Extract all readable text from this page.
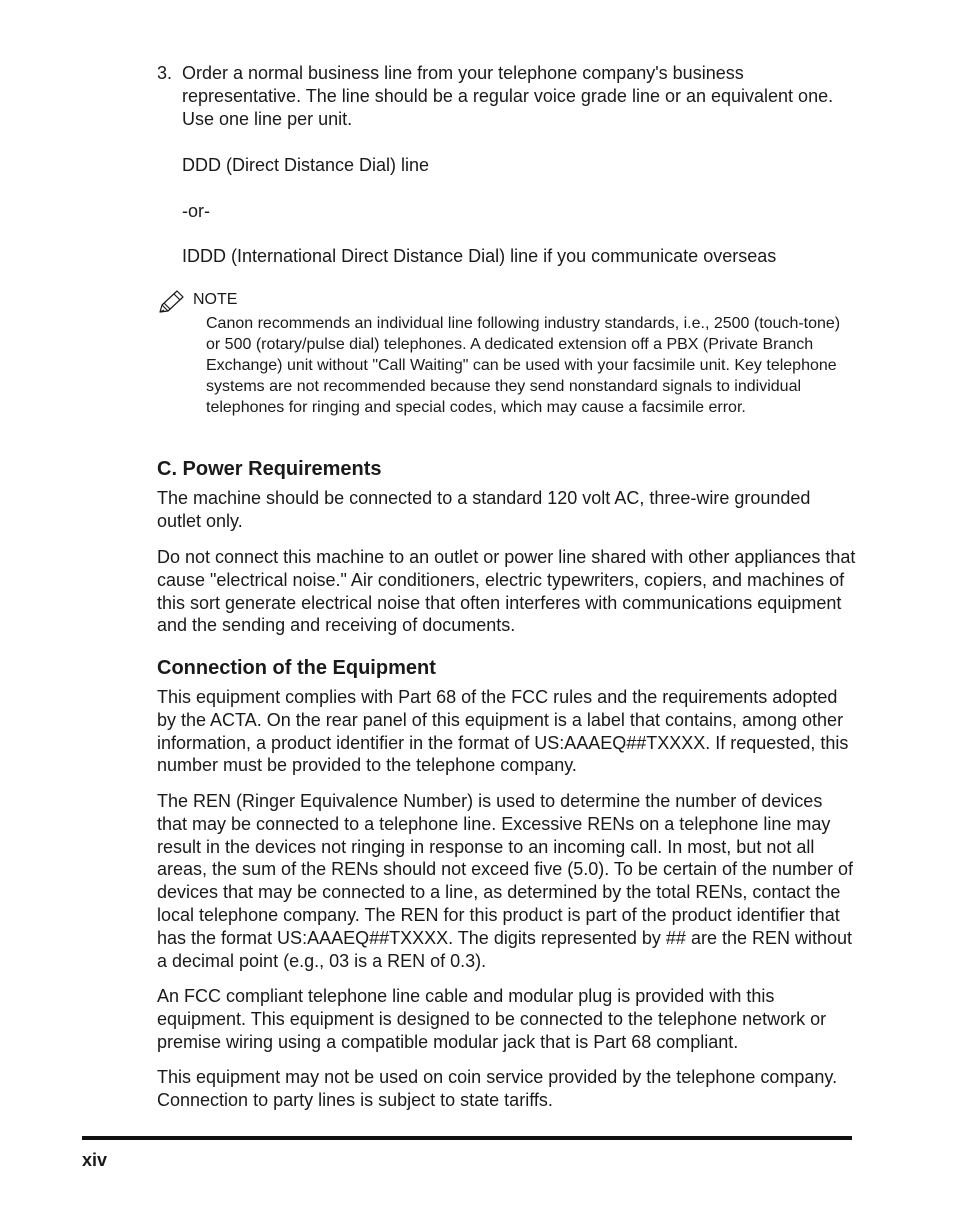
3. Order a normal business line from your telephone company's business representative. The line should be a regular voice grade line or an equivalent one. Use one line per unit.

DDD (Direct Distance Dial) line

-or-

IDDD (International Direct Distance Dial) line if you communicate overseas

NOTE

Canon recommends an individual line following industry standards, i.e., 2500 (touch-tone) or 500 (rotary/pulse dial) telephones. A dedicated extension off a PBX (Private Branch Exchange) unit without "Call Waiting" can be used with your facsimile unit. Key telephone systems are not recommended because they send nonstandard signals to individual telephones for ringing and special codes, which may cause a facsimile error.

C. Power Requirements

The machine should be connected to a standard 120 volt AC, three-wire grounded outlet only.

Do not connect this machine to an outlet or power line shared with other appliances that cause "electrical noise." Air conditioners, electric typewriters, copiers, and machines of this sort generate electrical noise that often interferes with communications equipment and the sending and receiving of documents.

Connection of the Equipment

This equipment complies with Part 68 of the FCC rules and the requirements adopted by the ACTA. On the rear panel of this equipment is a label that contains, among other information, a product identifier in the format of US:AAAEQ##TXXXX. If requested, this number must be provided to the telephone company.

The REN (Ringer Equivalence Number) is used to determine the number of devices that may be connected to a telephone line. Excessive RENs on a telephone line may result in the devices not ringing in response to an incoming call. In most, but not all areas, the sum of the RENs should not exceed five (5.0). To be certain of the number of devices that may be connected to a line, as determined by the total RENs, contact the local telephone company. The REN for this product is part of the product identifier that has the format US:AAAEQ##TXXXX. The digits represented by ## are the REN without a decimal point (e.g., 03 is a REN of 0.3).

An FCC compliant telephone line cable and modular plug is provided with this equipment. This equipment is designed to be connected to the telephone network or premise wiring using a compatible modular jack that is Part 68 compliant.

This equipment may not be used on coin service provided by the telephone company. Connection to party lines is subject to state tariffs.

xiv
